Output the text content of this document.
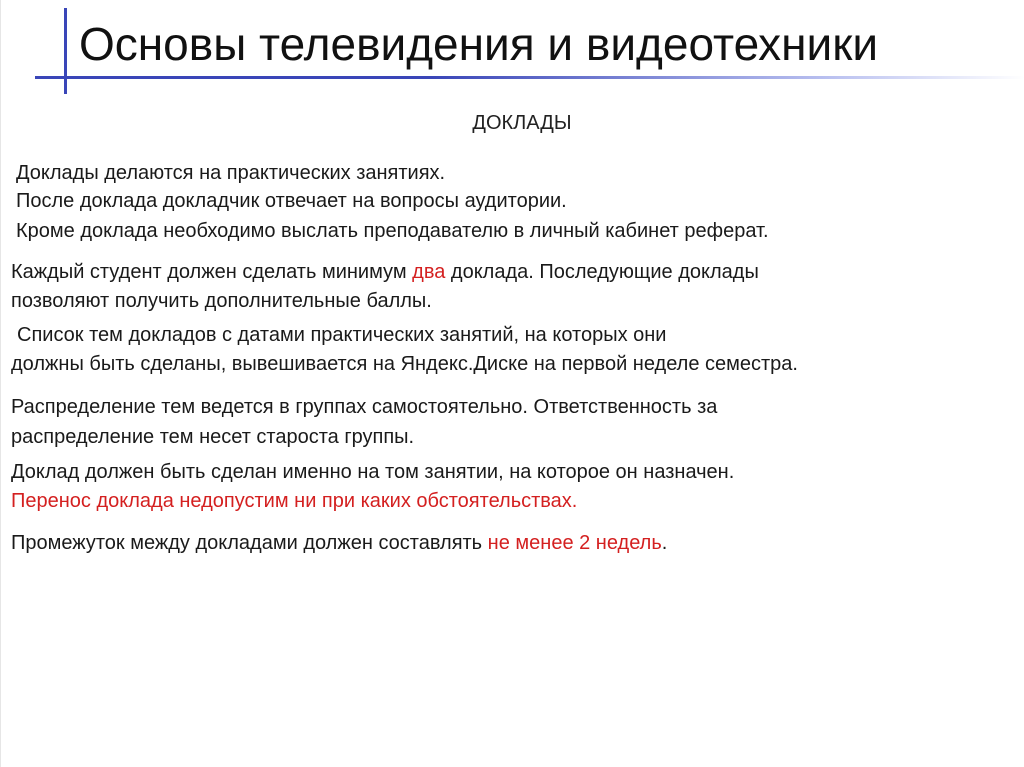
Основы телевидения и видеотехники
ДОКЛАДЫ

Доклады делаются на практических занятиях.

После доклада докладчик отвечает на вопросы аудитории.

Кроме доклада необходимо выслать преподавателю в личный кабинет реферат.

Каждый студент должен сделать минимум два доклада. Последующие доклады

позволяют получить дополнительные баллы.

Список тем докладов с датами практических занятий, на которых они

должны быть сделаны, вывешивается на Яндекс.Диске на первой неделе семестра.

Распределение тем ведется в группах самостоятельно. Ответственность за

распределение тем несет староста группы.

Доклад должен быть сделан именно на том занятии, на которое он назначен.

Перенос доклада недопустим ни при каких обстоятельствах.

Промежуток между докладами должен составлять не менее 2 недель.
